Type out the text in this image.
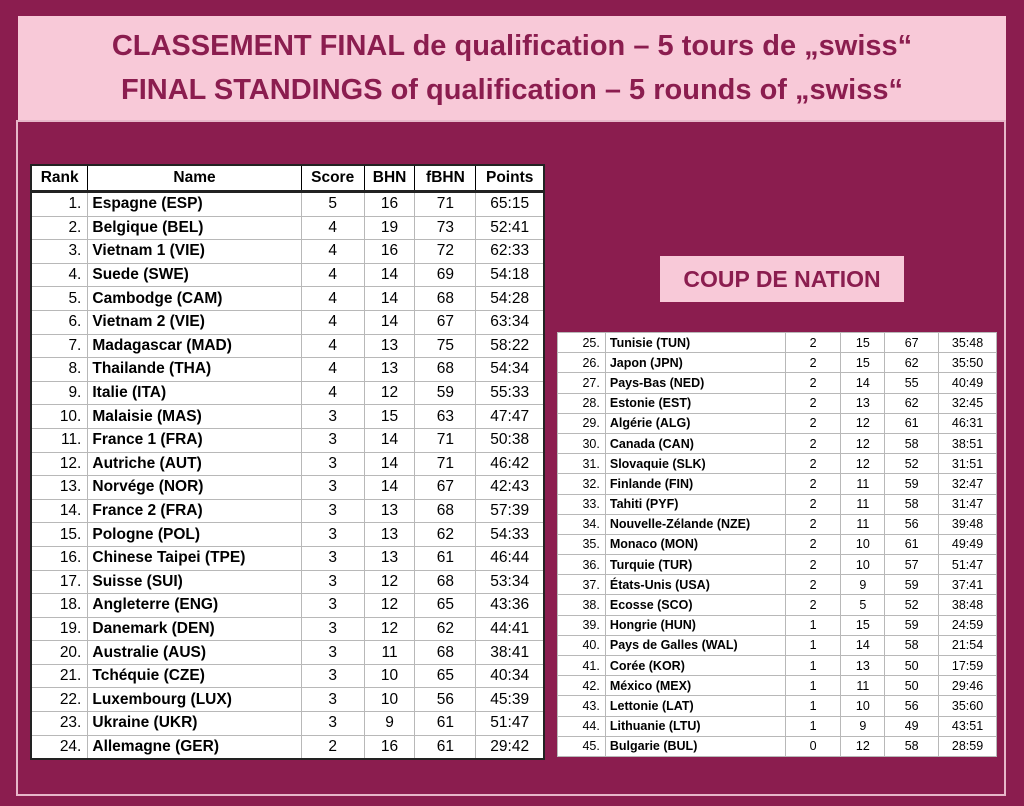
CLASSEMENT FINAL de qualification – 5 tours de „swiss“
FINAL STANDINGS of qualification – 5 rounds of „swiss“
Rank	Name	Score	BHN	fBHN	Points
1.	Espagne (ESP)	5	16	71	65:15
2.	Belgique (BEL)	4	19	73	52:41
3.	Vietnam 1 (VIE)	4	16	72	62:33
4.	Suede (SWE)	4	14	69	54:18
5.	Cambodge (CAM)	4	14	68	54:28
6.	Vietnam 2 (VIE)	4	14	67	63:34
7.	Madagascar (MAD)	4	13	75	58:22
8.	Thailande (THA)	4	13	68	54:34
9.	Italie (ITA)	4	12	59	55:33
10.	Malaisie (MAS)	3	15	63	47:47
11.	France 1 (FRA)	3	14	71	50:38
12.	Autriche (AUT)	3	14	71	46:42
13.	Norvége (NOR)	3	14	67	42:43
14.	France 2 (FRA)	3	13	68	57:39
15.	Pologne (POL)	3	13	62	54:33
16.	Chinese Taipei (TPE)	3	13	61	46:44
17.	Suisse (SUI)	3	12	68	53:34
18.	Angleterre (ENG)	3	12	65	43:36
19.	Danemark (DEN)	3	12	62	44:41
20.	Australie (AUS)	3	11	68	38:41
21.	Tchéquie (CZE)	3	10	65	40:34
22.	Luxembourg (LUX)	3	10	56	45:39
23.	Ukraine (UKR)	3	9	61	51:47
24.	Allemagne (GER)	2	16	61	29:42
COUP DE NATION
25.	Tunisie (TUN)	2	15	67	35:48
26.	Japon (JPN)	2	15	62	35:50
27.	Pays-Bas (NED)	2	14	55	40:49
28.	Estonie (EST)	2	13	62	32:45
29.	Algérie (ALG)	2	12	61	46:31
30.	Canada (CAN)	2	12	58	38:51
31.	Slovaquie (SLK)	2	12	52	31:51
32.	Finlande (FIN)	2	11	59	32:47
33.	Tahiti (PYF)	2	11	58	31:47
34.	Nouvelle-Zélande (NZE)	2	11	56	39:48
35.	Monaco (MON)	2	10	61	49:49
36.	Turquie (TUR)	2	10	57	51:47
37.	États-Unis (USA)	2	9	59	37:41
38.	Ecosse (SCO)	2	5	52	38:48
39.	Hongrie (HUN)	1	15	59	24:59
40.	Pays de Galles (WAL)	1	14	58	21:54
41.	Corée (KOR)	1	13	50	17:59
42.	México (MEX)	1	11	50	29:46
43.	Lettonie (LAT)	1	10	56	35:60
44.	Lithuanie (LTU)	1	9	49	43:51
45.	Bulgarie (BUL)	0	12	58	28:59
